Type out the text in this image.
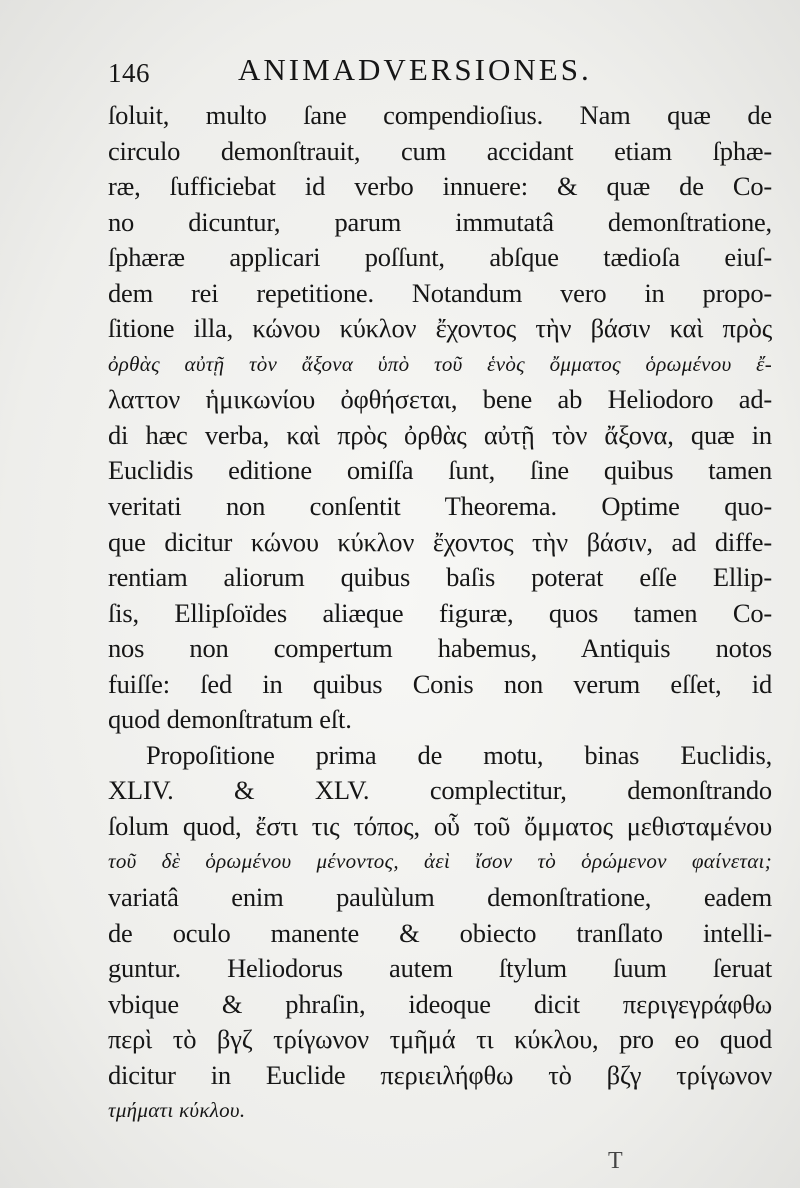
146	ANIMADVERSIONES.
ſoluit, multo ſane compendioſius. Nam quæ de
circulo demonſtrauit, cum accidant etiam ſphæ-
ræ, ſufficiebat id verbo innuere: & quæ de Co-
no dicuntur, parum immutatâ demonſtratione,
ſphæræ applicari poſſunt, abſque tædioſa eiuſ-
dem rei repetitione. Notandum vero in propo-
ſitione illa, κώνου κύκλον ἔχοντος τὴν βάσιν καὶ πρὸς
ὀρθὰς αὐτῇ τὸν ἄξονα ὑπὸ τοῦ ἑνὸς ὄμματος ὁρωμένου ἔ-
λαττον ἡμικωνίου ὀφθήσεται, bene ab Heliodoro ad-
di hæc verba, καὶ πρὸς ὀρθὰς αὐτῇ τὸν ἄξονα, quæ in
Euclidis editione omiſſa ſunt, ſine quibus tamen
veritati non conſentit Theorema. Optime quo-
que dicitur κώνου κύκλον ἔχοντος τὴν βάσιν, ad diffe-
rentiam aliorum quibus baſis poterat eſſe Ellip-
ſis, Ellipſoïdes aliæque figuræ, quos tamen Co-
nos non compertum habemus, Antiquis notos
fuiſſe: ſed in quibus Conis non verum eſſet, id
quod demonſtratum eſt.
Propoſitione prima de motu, binas Euclidis,
XLIV. & XLV. complectitur, demonſtrando
ſolum quod, ἔστι τις τόπος, οὗ τοῦ ὄμματος μεθισταμένου
τοῦ δὲ ὁρωμένου μένοντος, ἀεὶ ἴσον τὸ ὁρώμενον φαίνεται;
variatâ enim paulùlum demonſtratione, eadem
de oculo manente & obiecto tranſlato intelli-
guntur. Heliodorus autem ſtylum ſuum ſeruat
vbique & phraſin, ideoque dicit περιγεγράφθω
περὶ τὸ βγζ τρίγωνον τμῆμά τι κύκλου, pro eo quod
dicitur in Euclide περιειλήφθω τὸ βζγ τρίγωνον
τμήματι κύκλου.
T
